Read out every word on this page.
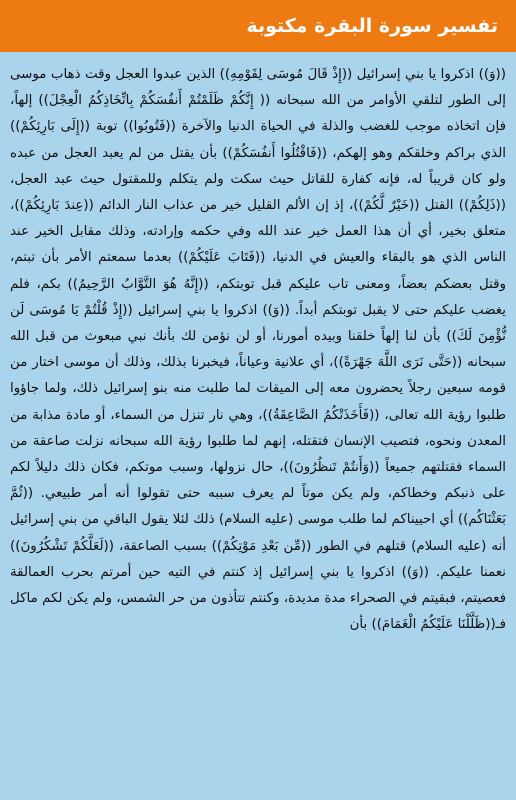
تفسير سورة البقرة مكتوبة

((وَ)) اذكروا يا بني إسرائيل ((إِذْ قَالَ مُوسَى لِقَوْمِهِ)) الذين عبدوا العجل وقت ذهاب موسى إلى الطور لتلقي الأوامر من الله سبحانه (( إِنَّكُمْ ظَلَمْتُمْ أَنفُسَكُمْ بِاتِّخَاذِكُمُ الْعِجْلَ)) إلهاً، فإن اتخاذه موجب للغضب والذلة في الحياة الدنيا والآخرة ((فَتُوبُوا)) توبة ((إِلَى بَارِئِكُمْ)) الذي براكم وخلقكم وهو إلهكم، ((فَاقْتُلُوا أَنفُسَكُمْ)) بأن يقتل من لم يعبد العجل من عبده ولو كان قريباً له، فإنه كفارة للقاتل حيث سكت ولم يتكلم وللمقتول حيث عبد العجل، ((ذَلِكُمْ)) القتل ((خَيْرٌ لَّكُمْ))، إذ إن الألم القليل خير من عذاب النار الدائم ((عِندَ بَارِئِكُمْ))، متعلق بخير، أي أن هذا العمل خير عند الله وفي حكمه وإرادته، وذلك مقابل الخير عند الناس الذي هو بالبقاء والعيش في الدنيا، ((فَتَابَ عَلَيْكُمْ)) بعدما سمعتم الأمر بأن تبتم، وقتل بعضكم بعضاً، ومعنى تاب عليكم قبل توبتكم، ((إِنَّهُ هُوَ التَّوَّابُ الرَّحِيمُ)) بكم، فلم يغضب عليكم حتى لا يقبل توبتكم أبداً. ((وَ)) اذكروا يا بني إسرائيل ((إِذْ قُلْتُمْ يَا مُوسَى لَن نُّؤْمِنَ لَكَ)) بأن لنا إلهاً خلقنا وبيده أمورنا، أو لن نؤمن لك بأنك نبي مبعوث من قبل الله سبحانه ((حَتَّى نَرَى اللَّهَ جَهْرَةً))، أي علانية وعياناً، فيخبرنا بذلك، وذلك أن موسى اختار من قومه سبعين رجلاً يحضرون معه إلى الميقات لما طلبت منه بنو إسرائيل ذلك، ولما جاؤوا طلبوا رؤية الله تعالى، ((فَأَخَذَتْكُمُ الصَّاعِقَةُ))، وهي نار تنزل من السماء، أو مادة مذابة من المعدن ونحوه، فتصيب الإنسان فتقتله، إنهم لما طلبوا رؤية الله سبحانه نزلت صاعقة من السماء فقتلتهم جميعاً ((وَأَنتُمْ تَنظُرُونَ))، حال نزولها، وسبب موتكم، فكان ذلك دليلاً لكم على ذنبكم وخطاكم، ولم يكن موتاً لم يعرف سببه حتى تقولوا أنه أمر طبيعي. ((ثُمَّ بَعَثْنَاكُم)) أي احييناكم لما طلب موسى (عليه السلام) ذلك لئلا يقول الباقي من بني إسرائيل أنه (عليه السلام) قتلهم في الطور ((مِّن بَعْدِ مَوْتِكُمْ)) بسبب الصاعقة، ((لَعَلَّكُمْ تَشْكُرُونَ)) نعمنا عليكم. ((وَ)) اذكروا يا بني إسرائيل إذ كنتم في التيه حين أمرتم بحرب العمالقة فعصيتم، فبقيتم في الصحراء مدة مديدة، وكنتم تتأذون من حر الشمس، ولم يكن لكم ماكل فـ((ظَلَّلْنَا عَلَيْكُمُ الْغَمَامَ)) بأن
